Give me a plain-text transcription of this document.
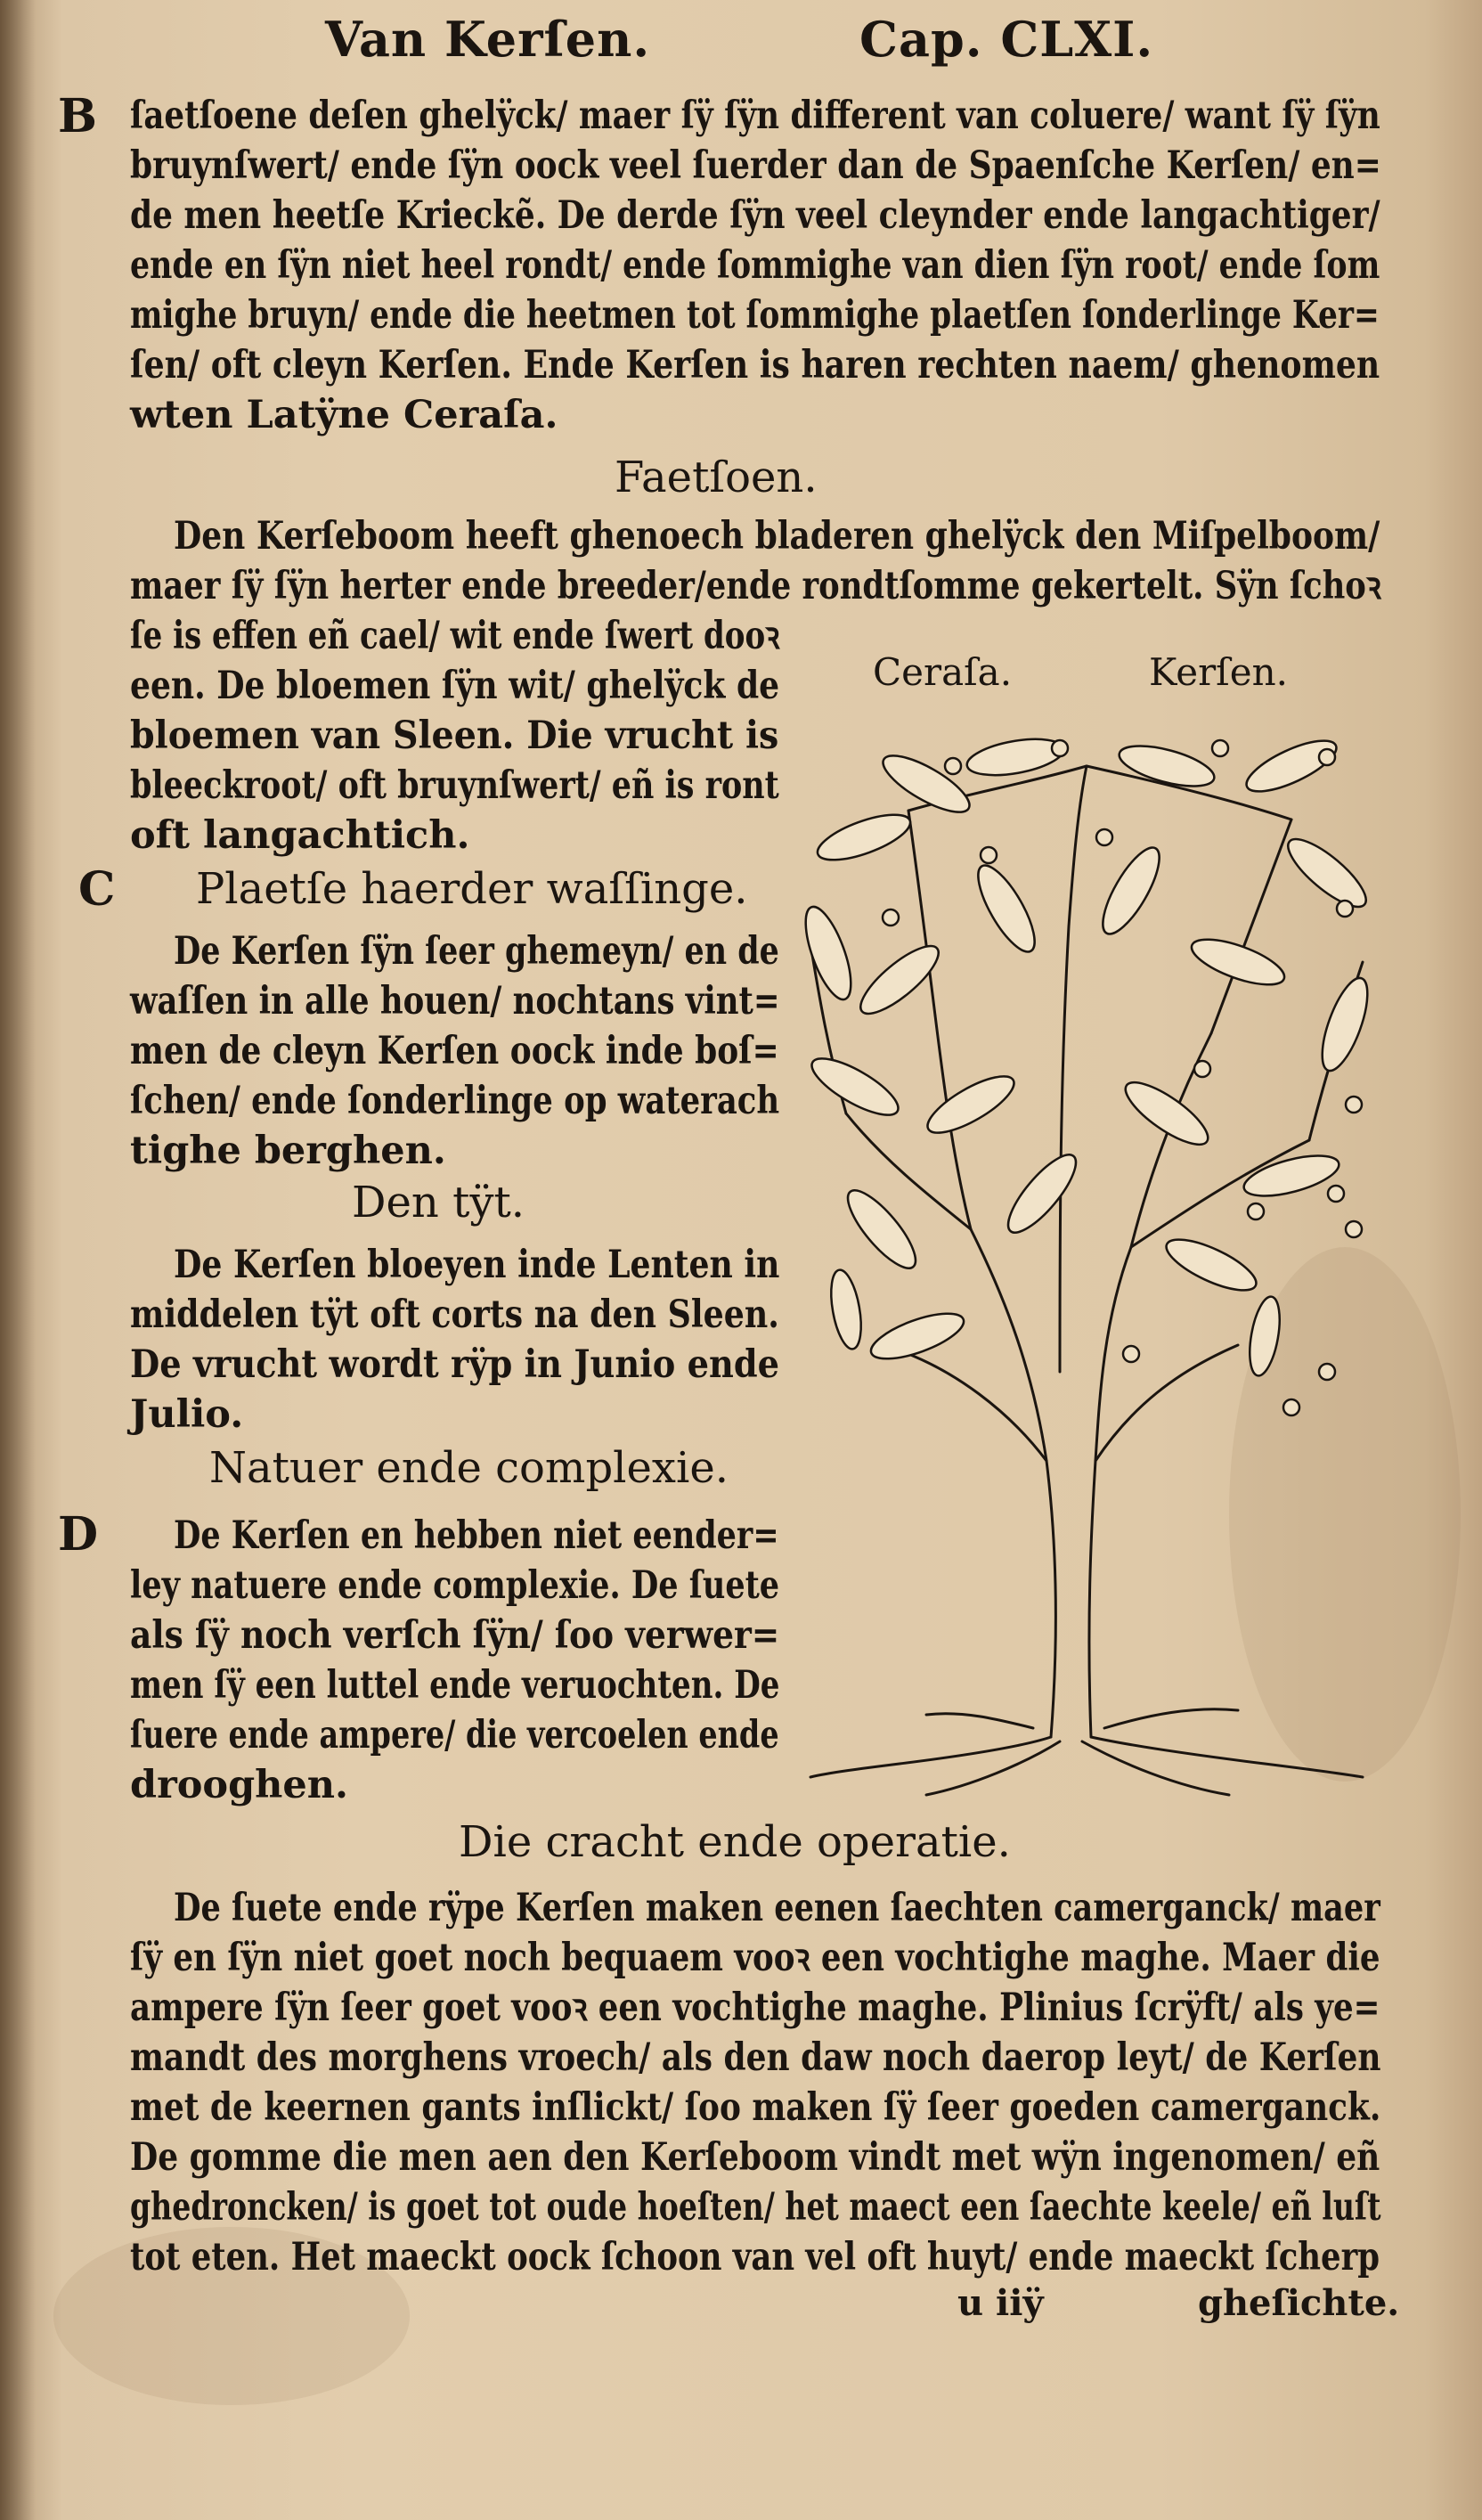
Van Kerſen.	Cap. CLXI.
B ſaetſoene deſen ghelÿck/ maer ſÿ ſÿn different van coluere/ want ſÿ ſÿn
bruynſwert/ ende ſÿn oock veel ſuerder dan de Spaenſche Kerſen/ en=
de men heetſe Krieckẽ. De derde ſÿn veel cleynder ende langachtiger/
ende en ſÿn niet heel rondt/ ende ſommighe van dien ſÿn root/ ende ſom
mighe bruyn/ ende die heetmen tot ſommighe plaetſen ſonderlinge Ker=
ſen/ oft cleyn Kerſen. Ende Kerſen is haren rechten naem/ ghenomen
wten Latÿne Ceraſa.
Faetſoen.
Den Kerſeboom heeft ghenoech bladeren ghelÿck den Miſpelboom/
maer ſÿ ſÿn herter ende breeder/ende rondtſomme gekertelt. Sÿn ſchoꝛ
ſe is effen eñ cael/ wit ende ſwert dooꝛ
een. De bloemen ſÿn wit/ ghelÿck de
bloemen van Sleen. Die vrucht is
bleeckroot/ oft bruynſwert/ eñ is ront
oft langachtich.
C Plaetſe haerder waſſinge.
De Kerſen ſÿn ſeer ghemeyn/ en de
waſſen in alle houen/ nochtans vint=
men de cleyn Kerſen oock inde boſ=
ſchen/ ende ſonderlinge op waterach
tighe berghen.
Den tÿt.
De Kerſen bloeyen inde Lenten in
middelen tÿt oft corts na den Sleen.
De vrucht wordt rÿp in Junio ende
Julio.
Natuer ende complexie.
D De Kerſen en hebben niet eender=
ley natuere ende complexie. De ſuete
als ſÿ noch verſch ſÿn/ ſoo verwer=
men ſÿ een luttel ende veruochten. De
ſuere ende ampere/ die vercoelen ende
drooghen.
Ceraſa.	Kerſen.
Die cracht ende operatie.
De ſuete ende rÿpe Kerſen maken eenen ſaechten camerganck/ maer
ſÿ en ſÿn niet goet noch bequaem vooꝛ een vochtighe maghe. Maer die
ampere ſÿn ſeer goet vooꝛ een vochtighe maghe. Plinius ſcrÿft/ als ye=
mandt des morghens vroech/ als den daw noch daerop leyt/ de Kerſen
met de keernen gants inſlickt/ ſoo maken ſÿ ſeer goeden camerganck.
De gomme die men aen den Kerſeboom vindt met wÿn ingenomen/ eñ
ghedroncken/ is goet tot oude hoeſten/ het maect een ſaechte keele/ eñ luſt
tot eten. Het maeckt oock ſchoon van vel oft huyt/ ende maeckt ſcherp
u iiÿ	gheſichte.
